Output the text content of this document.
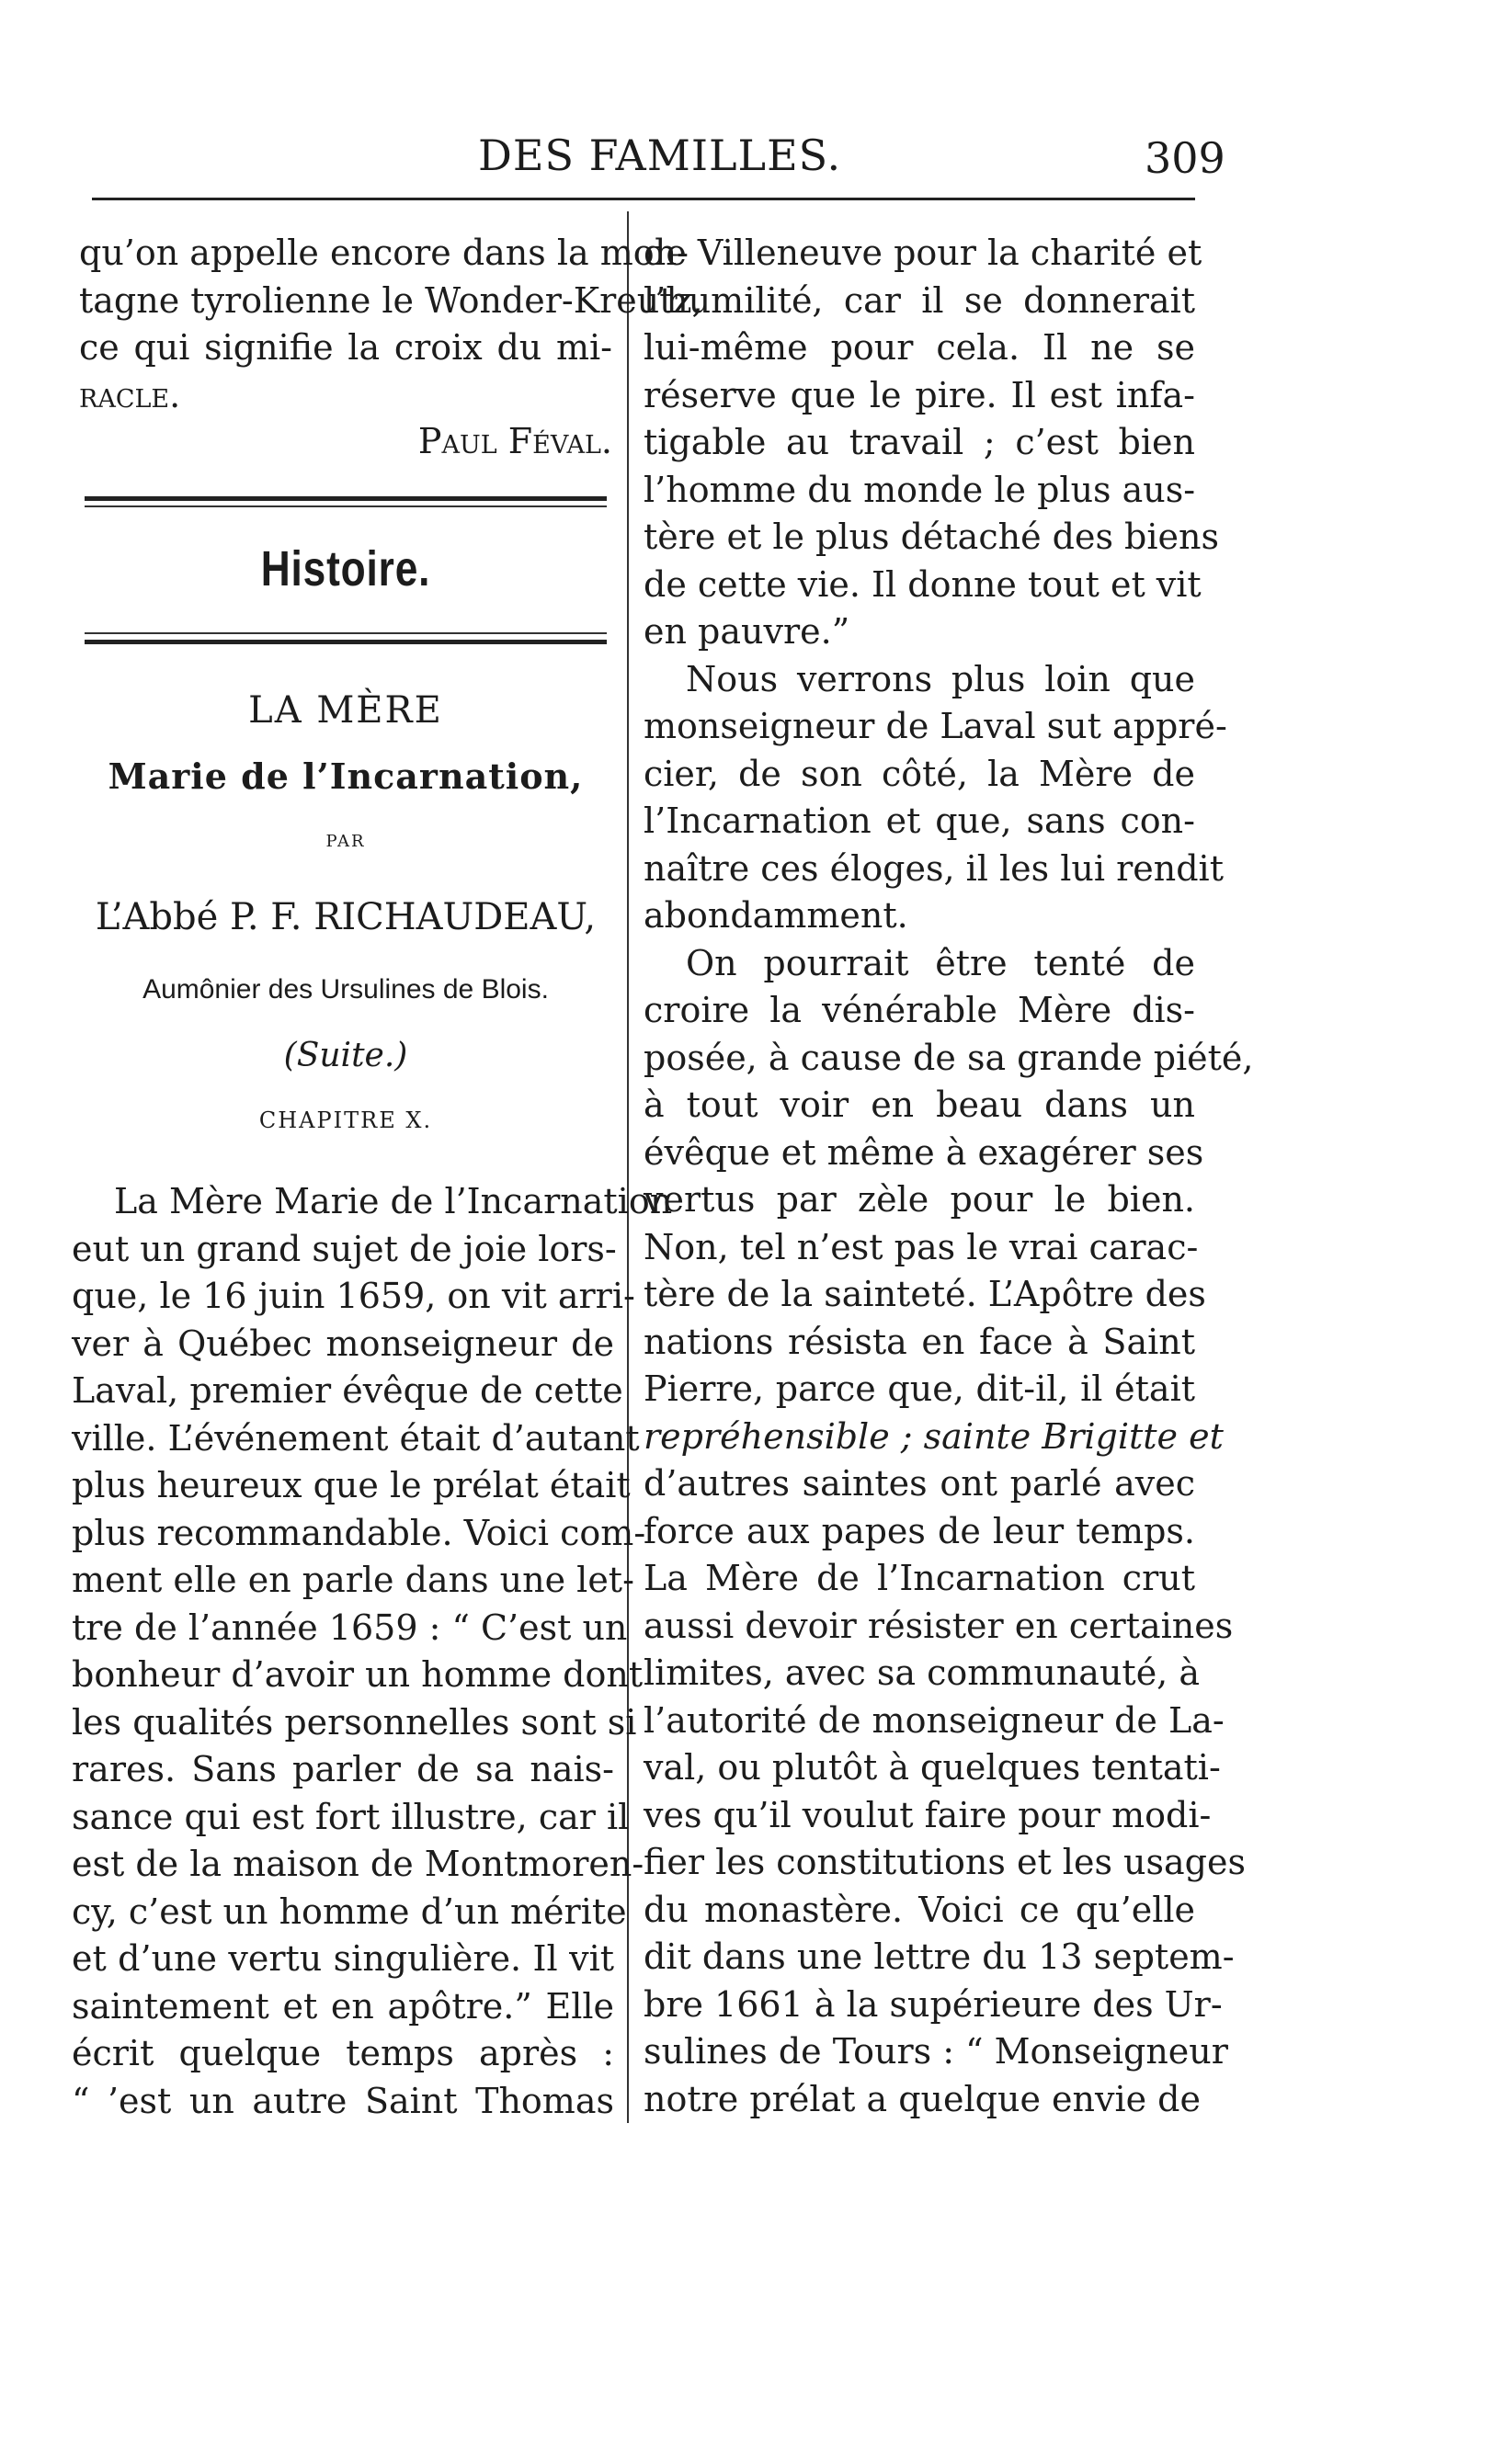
DES FAMILLES.	309
qu’on appelle encore dans la mon-
tagne tyrolienne le Wonder-Kreutz,
ce qui signifie la croix du mi-
racle.
Paul Féval.
Histoire.
LA MÈRE
Marie de l’Incarnation,
PAR
L’Abbé P. F. RICHAUDEAU,
Aumônier des Ursulines de Blois.
(Suite.)
CHAPITRE X.
La Mère Marie de l’Incarnation
eut un grand sujet de joie lors-
que, le 16 juin 1659, on vit arri-
ver à Québec monseigneur de
Laval, premier évêque de cette
ville. L’événement était d’autant
plus heureux que le prélat était
plus recommandable. Voici com-
ment elle en parle dans une let-
tre de l’année 1659 : “ C’est un
bonheur d’avoir un homme dont
les qualités personnelles sont si
rares. Sans parler de sa nais-
sance qui est fort illustre, car il
est de la maison de Montmoren-
cy, c’est un homme d’un mérite
et d’une vertu singulière. Il vit
saintement et en apôtre.” Elle
écrit quelque temps après :
“ ’est un autre Saint Thomas
de Villeneuve pour la charité et
l’humilité, car il se donnerait
lui-même pour cela. Il ne se
réserve que le pire. Il est infa-
tigable au travail ; c’est bien
l’homme du monde le plus aus-
tère et le plus détaché des biens
de cette vie. Il donne tout et vit
en pauvre.”
Nous verrons plus loin que
monseigneur de Laval sut appré-
cier, de son côté, la Mère de
l’Incarnation et que, sans con-
naître ces éloges, il les lui rendit
abondamment.
On pourrait être tenté de
croire la vénérable Mère dis-
posée, à cause de sa grande piété,
à tout voir en beau dans un
évêque et même à exagérer ses
vertus par zèle pour le bien.
Non, tel n’est pas le vrai carac-
tère de la sainteté. L’Apôtre des
nations résista en face à Saint
Pierre, parce que, dit-il, il était
repréhensible ; sainte Brigitte et
d’autres saintes ont parlé avec
force aux papes de leur temps.
La Mère de l’Incarnation crut
aussi devoir résister en certaines
limites, avec sa communauté, à
l’autorité de monseigneur de La-
val, ou plutôt à quelques tentati-
ves qu’il voulut faire pour modi-
fier les constitutions et les usages
du monastère. Voici ce qu’elle
dit dans une lettre du 13 septem-
bre 1661 à la supérieure des Ur-
sulines de Tours : “ Monseigneur
notre prélat a quelque envie de
